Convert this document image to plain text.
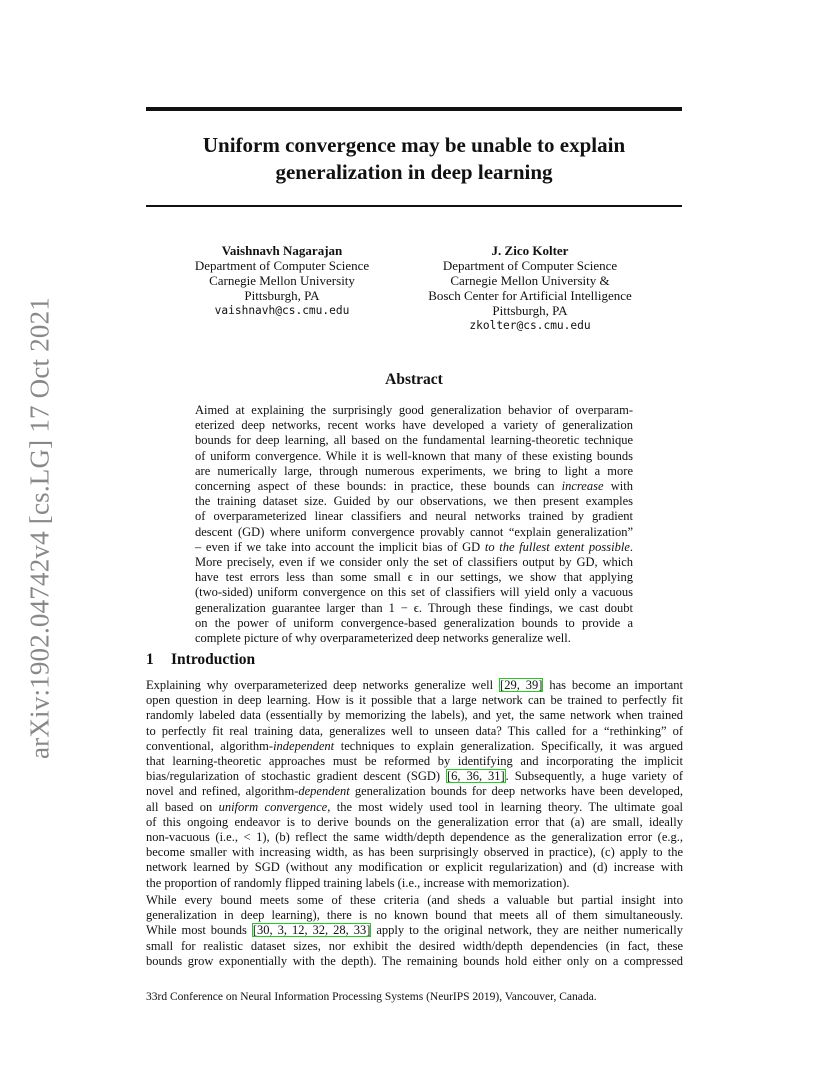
arXiv:1902.04742v4 [cs.LG] 17 Oct 2021
Uniform convergence may be unable to explain
generalization in deep learning
Vaishnavh Nagarajan
Department of Computer Science
Carnegie Mellon University
Pittsburgh, PA
vaishnavh@cs.cmu.edu
J. Zico Kolter
Department of Computer Science
Carnegie Mellon University &
Bosch Center for Artificial Intelligence
Pittsburgh, PA
zkolter@cs.cmu.edu
Abstract
Aimed at explaining the surprisingly good generalization behavior of overparam-
eterized deep networks, recent works have developed a variety of generalization
bounds for deep learning, all based on the fundamental learning-theoretic technique
of uniform convergence. While it is well-known that many of these existing bounds
are numerically large, through numerous experiments, we bring to light a more
concerning aspect of these bounds: in practice, these bounds can increase with
the training dataset size. Guided by our observations, we then present examples
of overparameterized linear classifiers and neural networks trained by gradient
descent (GD) where uniform convergence provably cannot “explain generalization”
– even if we take into account the implicit bias of GD to the fullest extent possible.
More precisely, even if we consider only the set of classifiers output by GD, which
have test errors less than some small ϵ in our settings, we show that applying
(two-sided) uniform convergence on this set of classifiers will yield only a vacuous
generalization guarantee larger than 1 − ϵ. Through these findings, we cast doubt
on the power of uniform convergence-based generalization bounds to provide a
complete picture of why overparameterized deep networks generalize well.
1 Introduction
Explaining why overparameterized deep networks generalize well [29, 39] has become an important
open question in deep learning. How is it possible that a large network can be trained to perfectly fit
randomly labeled data (essentially by memorizing the labels), and yet, the same network when trained
to perfectly fit real training data, generalizes well to unseen data? This called for a “rethinking” of
conventional, algorithm-independent techniques to explain generalization. Specifically, it was argued
that learning-theoretic approaches must be reformed by identifying and incorporating the implicit
bias/regularization of stochastic gradient descent (SGD) [6, 36, 31]. Subsequently, a huge variety of
novel and refined, algorithm-dependent generalization bounds for deep networks have been developed,
all based on uniform convergence, the most widely used tool in learning theory. The ultimate goal
of this ongoing endeavor is to derive bounds on the generalization error that (a) are small, ideally
non-vacuous (i.e., < 1), (b) reflect the same width/depth dependence as the generalization error (e.g.,
become smaller with increasing width, as has been surprisingly observed in practice), (c) apply to the
network learned by SGD (without any modification or explicit regularization) and (d) increase with
the proportion of randomly flipped training labels (i.e., increase with memorization).
While every bound meets some of these criteria (and sheds a valuable but partial insight into
generalization in deep learning), there is no known bound that meets all of them simultaneously.
While most bounds [30, 3, 12, 32, 28, 33] apply to the original network, they are neither numerically
small for realistic dataset sizes, nor exhibit the desired width/depth dependencies (in fact, these
bounds grow exponentially with the depth). The remaining bounds hold either only on a compressed
33rd Conference on Neural Information Processing Systems (NeurIPS 2019), Vancouver, Canada.
